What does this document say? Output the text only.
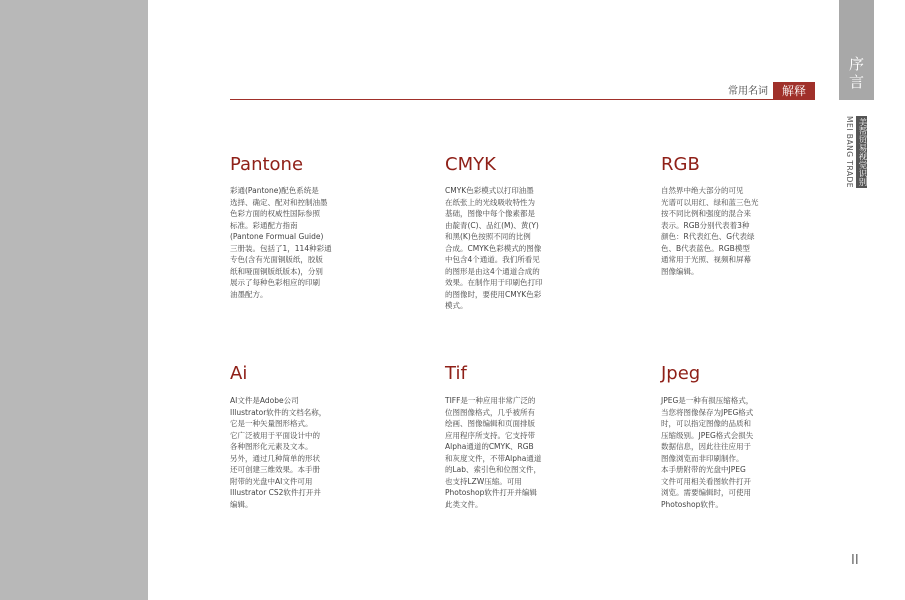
常用名词	解释
序
言
MEI BANG TRADE 美帮贸易视觉识别
Pantone

彩通(Pantone)配色系统是
选择、确定、配对和控制油墨
色彩方面的权威性国际参照
标准。彩通配方指南
(Pantone Formual Guide)
三册装。包括了1，114种彩通
专色(含有光面铜版纸，胶版
纸和哑面铜版纸版本)，分别
展示了每种色彩相应的印刷
油墨配方。

CMYK

CMYK色彩模式以打印油墨
在纸张上的光线吸收特性为
基础，图像中每个像素都是
由靛青(C)、品红(M)、黄(Y)
和黑(K)色按照不同的比例
合成。CMYK色彩模式的图像
中包含4个通道。我们所看见
的图形是由这4个通道合成的
效果。在制作用于印刷色打印
的图像时，要使用CMYK色彩
模式。

RGB

自然界中绝大部分的可见
光谱可以用红、绿和蓝三色光
按不同比例和强度的混合来
表示。RGB分别代表着3种
颜色：R代表红色、G代表绿
色、B代表蓝色。RGB模型
通常用于光照、视频和屏幕
图像编辑。

Ai

AI文件是Adobe公司
Illustrator软件的文档名称，
它是一种矢量图形格式。
它广泛被用于平面设计中的
各种图形化元素及文本。
另外，通过几种简单的形状
还可创建三维效果。本手册
附带的光盘中AI文件可用
Illustrator CS2软件打开并
编辑。

Tif

TIFF是一种应用非常广泛的
位图图像格式，几乎被所有
绘画、图像编辑和页面排版
应用程序所支持。它支持带
Alpha通道的CMYK、RGB
和灰度文件，不带Alpha通道
的Lab、索引色和位图文件，
也支持LZW压缩。可用
Photoshop软件打开并编辑
此类文件。

Jpeg

JPEG是一种有损压缩格式，
当您将图像保存为JPEG格式
时，可以指定图像的品质和
压缩级别。JPEG格式会损失
数据信息，因此往往应用于
图像浏览而非印刷制作。
本手册附带的光盘中JPEG
文件可用相关看图软件打开
浏览。需要编辑时，可使用
Photoshop软件。

II
